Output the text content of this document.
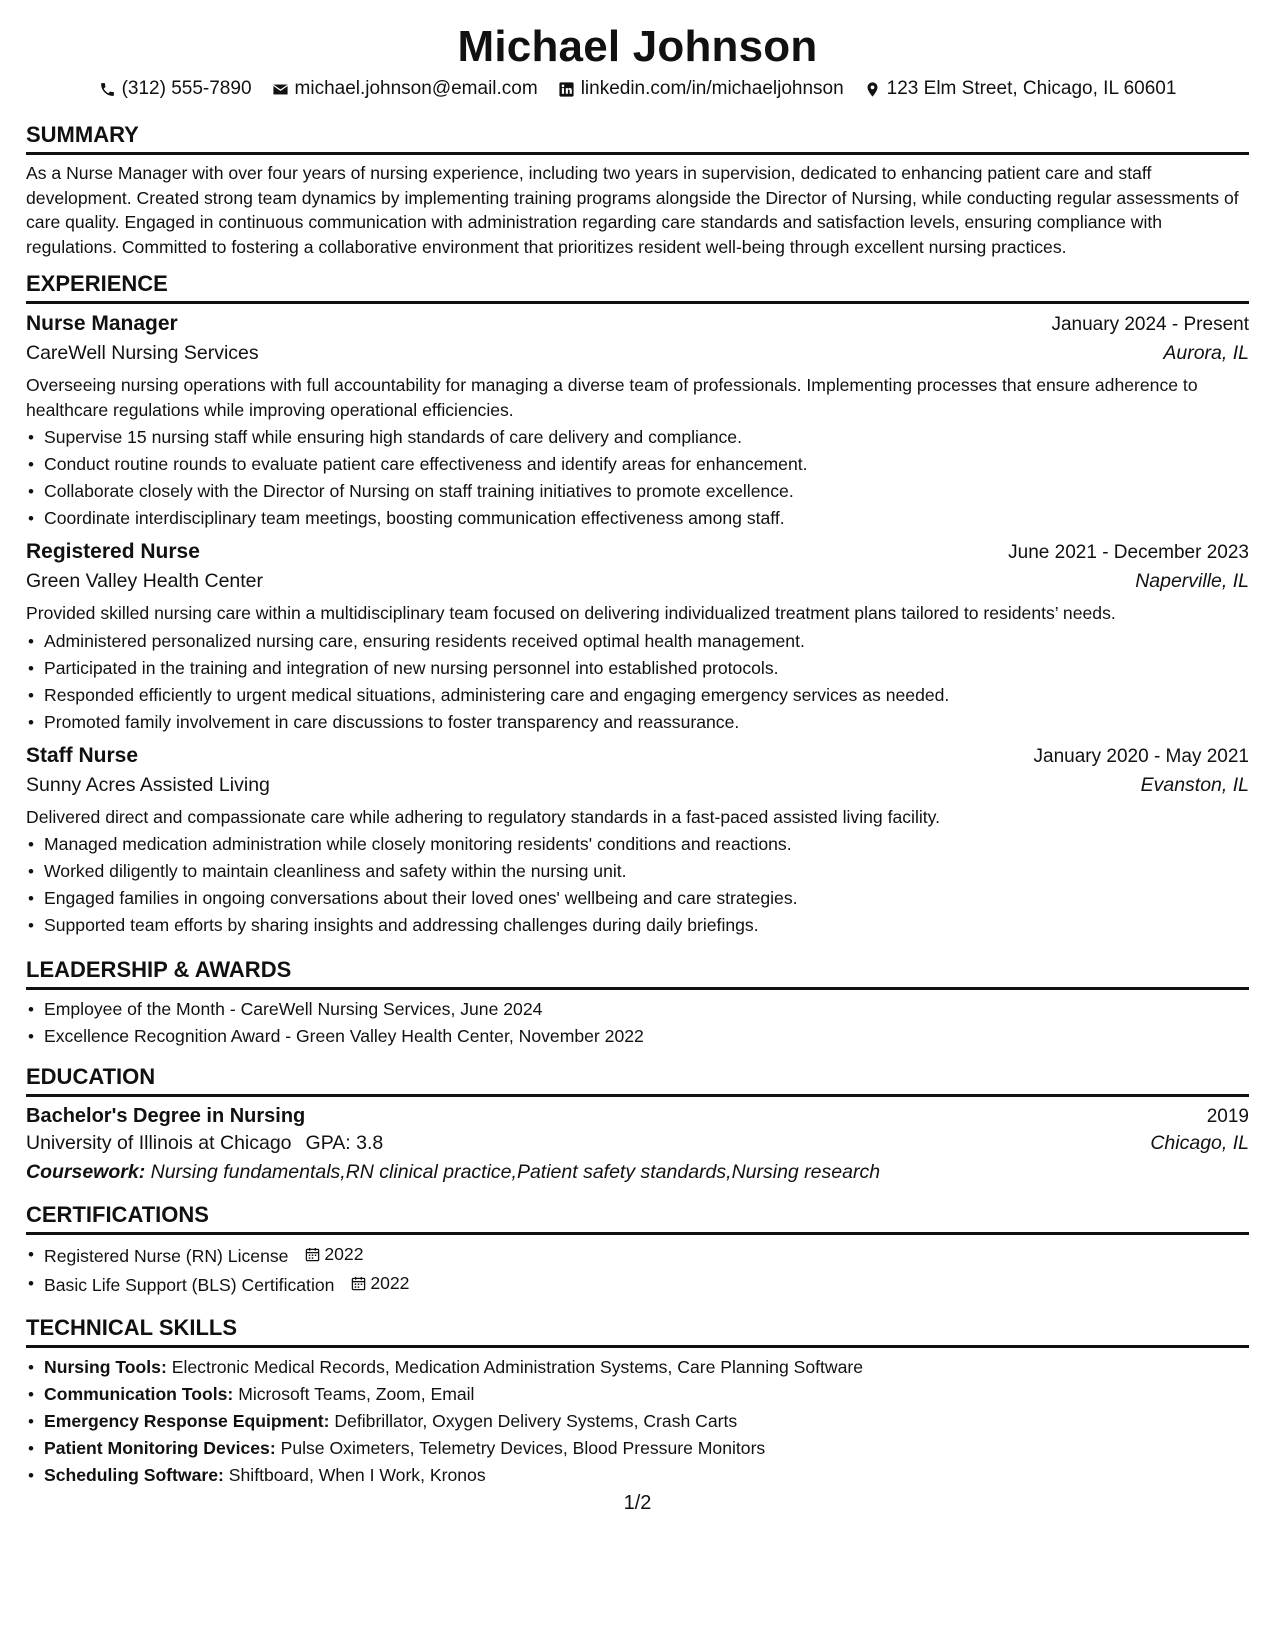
Michael Johnson
(312) 555-7890 michael.johnson@email.com linkedin.com/in/michaeljohnson 123 Elm Street, Chicago, IL 60601
SUMMARY

As a Nurse Manager with over four years of nursing experience, including two years in supervision, dedicated to enhancing patient care and staff development. Created strong team dynamics by implementing training programs alongside the Director of Nursing, while conducting regular assessments of care quality. Engaged in continuous communication with administration regarding care standards and satisfaction levels, ensuring compliance with regulations. Committed to fostering a collaborative environment that prioritizes resident well-being through excellent nursing practices.

EXPERIENCE
Nurse Manager	January 2024 - Present
CareWell Nursing Services	Aurora, IL

Overseeing nursing operations with full accountability for managing a diverse team of professionals. Implementing processes that ensure adherence to healthcare regulations while improving operational efficiencies.

• Supervise 15 nursing staff while ensuring high standards of care delivery and compliance.
• Conduct routine rounds to evaluate patient care effectiveness and identify areas for enhancement.
• Collaborate closely with the Director of Nursing on staff training initiatives to promote excellence.
• Coordinate interdisciplinary team meetings, boosting communication effectiveness among staff.
Registered Nurse	June 2021 - December 2023
Green Valley Health Center	Naperville, IL

Provided skilled nursing care within a multidisciplinary team focused on delivering individualized treatment plans tailored to residents’ needs.

• Administered personalized nursing care, ensuring residents received optimal health management.
• Participated in the training and integration of new nursing personnel into established protocols.
• Responded efficiently to urgent medical situations, administering care and engaging emergency services as needed.
• Promoted family involvement in care discussions to foster transparency and reassurance.
Staff Nurse	January 2020 - May 2021
Sunny Acres Assisted Living	Evanston, IL

Delivered direct and compassionate care while adhering to regulatory standards in a fast-paced assisted living facility.

• Managed medication administration while closely monitoring residents' conditions and reactions.
• Worked diligently to maintain cleanliness and safety within the nursing unit.
• Engaged families in ongoing conversations about their loved ones' wellbeing and care strategies.
• Supported team efforts by sharing insights and addressing challenges during daily briefings.
LEADERSHIP & AWARDS
• Employee of the Month - CareWell Nursing Services, June 2024
• Excellence Recognition Award - Green Valley Health Center, November 2022
EDUCATION
Bachelor's Degree in Nursing	2019
University of Illinois at Chicago GPA: 3.8	Chicago, IL
Coursework: Nursing fundamentals,RN clinical practice,Patient safety standards,Nursing research
CERTIFICATIONS
• Registered Nurse (RN) License 2022
• Basic Life Support (BLS) Certification 2022
TECHNICAL SKILLS
• Nursing Tools: Electronic Medical Records, Medication Administration Systems, Care Planning Software
• Communication Tools: Microsoft Teams, Zoom, Email
• Emergency Response Equipment: Defibrillator, Oxygen Delivery Systems, Crash Carts
• Patient Monitoring Devices: Pulse Oximeters, Telemetry Devices, Blood Pressure Monitors
• Scheduling Software: Shiftboard, When I Work, Kronos
1/2
